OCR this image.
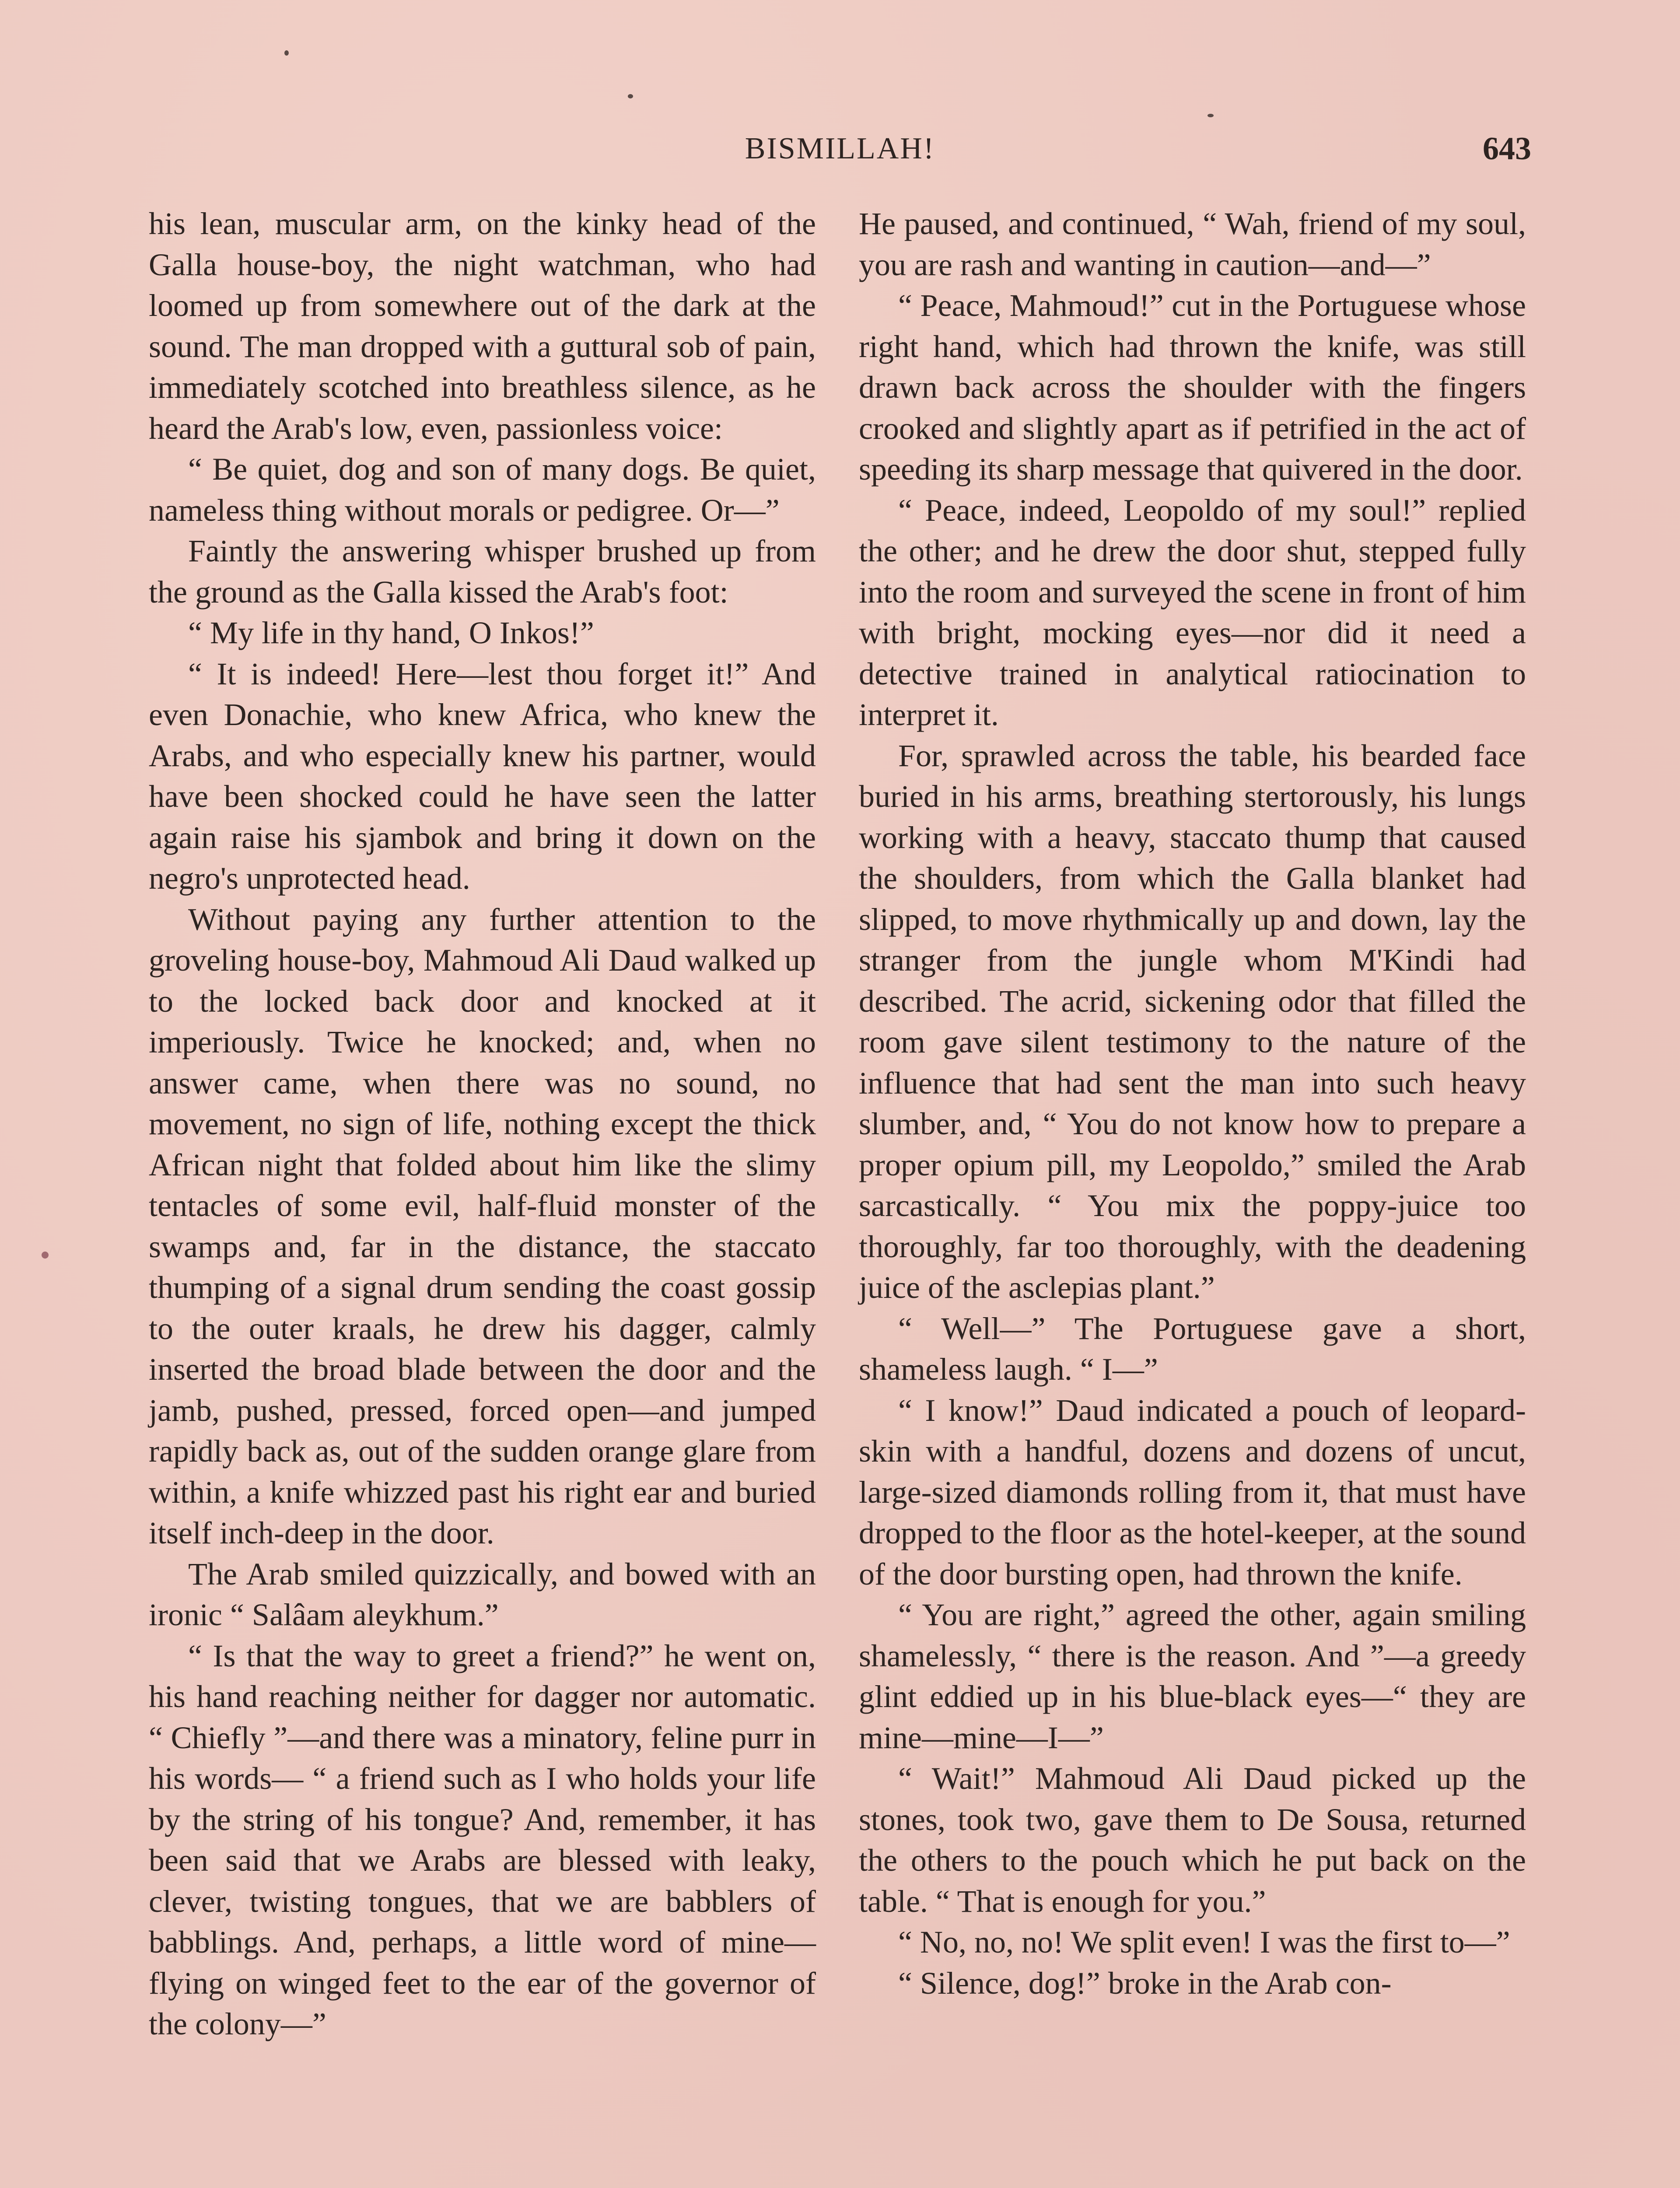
BISMILLAH!	643

his lean, muscular arm, on the kinky head of the Galla house-boy, the night watchman, who had loomed up from somewhere out of the dark at the sound. The man dropped with a guttural sob of pain, immediately scotched into breathless silence, as he heard the Arab's low, even, passionless voice:

“ Be quiet, dog and son of many dogs. Be quiet, nameless thing without morals or pedigree. Or—”

Faintly the answering whisper brushed up from the ground as the Galla kissed the Arab's foot:

“ My life in thy hand, O Inkos!”

“ It is indeed! Here—lest thou forget it!” And even Donachie, who knew Africa, who knew the Arabs, and who especially knew his partner, would have been shocked could he have seen the latter again raise his sjambok and bring it down on the negro's unprotected head.

Without paying any further attention to the groveling house-boy, Mahmoud Ali Daud walked up to the locked back door and knocked at it imperiously. Twice he knocked; and, when no answer came, when there was no sound, no movement, no sign of life, nothing except the thick African night that folded about him like the slimy tentacles of some evil, half-fluid monster of the swamps and, far in the distance, the staccato thumping of a signal drum sending the coast gossip to the outer kraals, he drew his dagger, calmly inserted the broad blade between the door and the jamb, pushed, pressed, forced open—and jumped rapidly back as, out of the sudden orange glare from within, a knife whizzed past his right ear and buried itself inch-deep in the door.

The Arab smiled quizzically, and bowed with an ironic “ Salâam aleykhum.”

“ Is that the way to greet a friend?” he went on, his hand reaching neither for dagger nor automatic. “ Chiefly ”—and there was a minatory, feline purr in his words— “ a friend such as I who holds your life by the string of his tongue? And, remember, it has been said that we Arabs are blessed with leaky, clever, twisting tongues, that we are babblers of babblings. And, perhaps, a little word of mine—flying on winged feet to the ear of the governor of the colony—”

He paused, and continued, “ Wah, friend of my soul, you are rash and wanting in caution—and—”

“ Peace, Mahmoud!” cut in the Portuguese whose right hand, which had thrown the knife, was still drawn back across the shoulder with the fingers crooked and slightly apart as if petrified in the act of speeding its sharp message that quivered in the door.

“ Peace, indeed, Leopoldo of my soul!” replied the other; and he drew the door shut, stepped fully into the room and surveyed the scene in front of him with bright, mocking eyes—nor did it need a detective trained in analytical ratiocination to interpret it.

For, sprawled across the table, his bearded face buried in his arms, breathing stertorously, his lungs working with a heavy, staccato thump that caused the shoulders, from which the Galla blanket had slipped, to move rhythmically up and down, lay the stranger from the jungle whom M'Kindi had described. The acrid, sickening odor that filled the room gave silent testimony to the nature of the influence that had sent the man into such heavy slumber, and, “ You do not know how to prepare a proper opium pill, my Leopoldo,” smiled the Arab sarcastically. “ You mix the poppy-juice too thoroughly, far too thoroughly, with the deadening juice of the asclepias plant.”

“ Well—” The Portuguese gave a short, shameless laugh. “ I—”

“ I know!” Daud indicated a pouch of leopard-skin with a handful, dozens and dozens of uncut, large-sized diamonds rolling from it, that must have dropped to the floor as the hotel-keeper, at the sound of the door bursting open, had thrown the knife.

“ You are right,” agreed the other, again smiling shamelessly, “ there is the reason. And ”—a greedy glint eddied up in his blue-black eyes—“ they are mine—mine—I—”

“ Wait!” Mahmoud Ali Daud picked up the stones, took two, gave them to De Sousa, returned the others to the pouch which he put back on the table. “ That is enough for you.”

“ No, no, no! We split even! I was the first to—”

“ Silence, dog!” broke in the Arab con-
